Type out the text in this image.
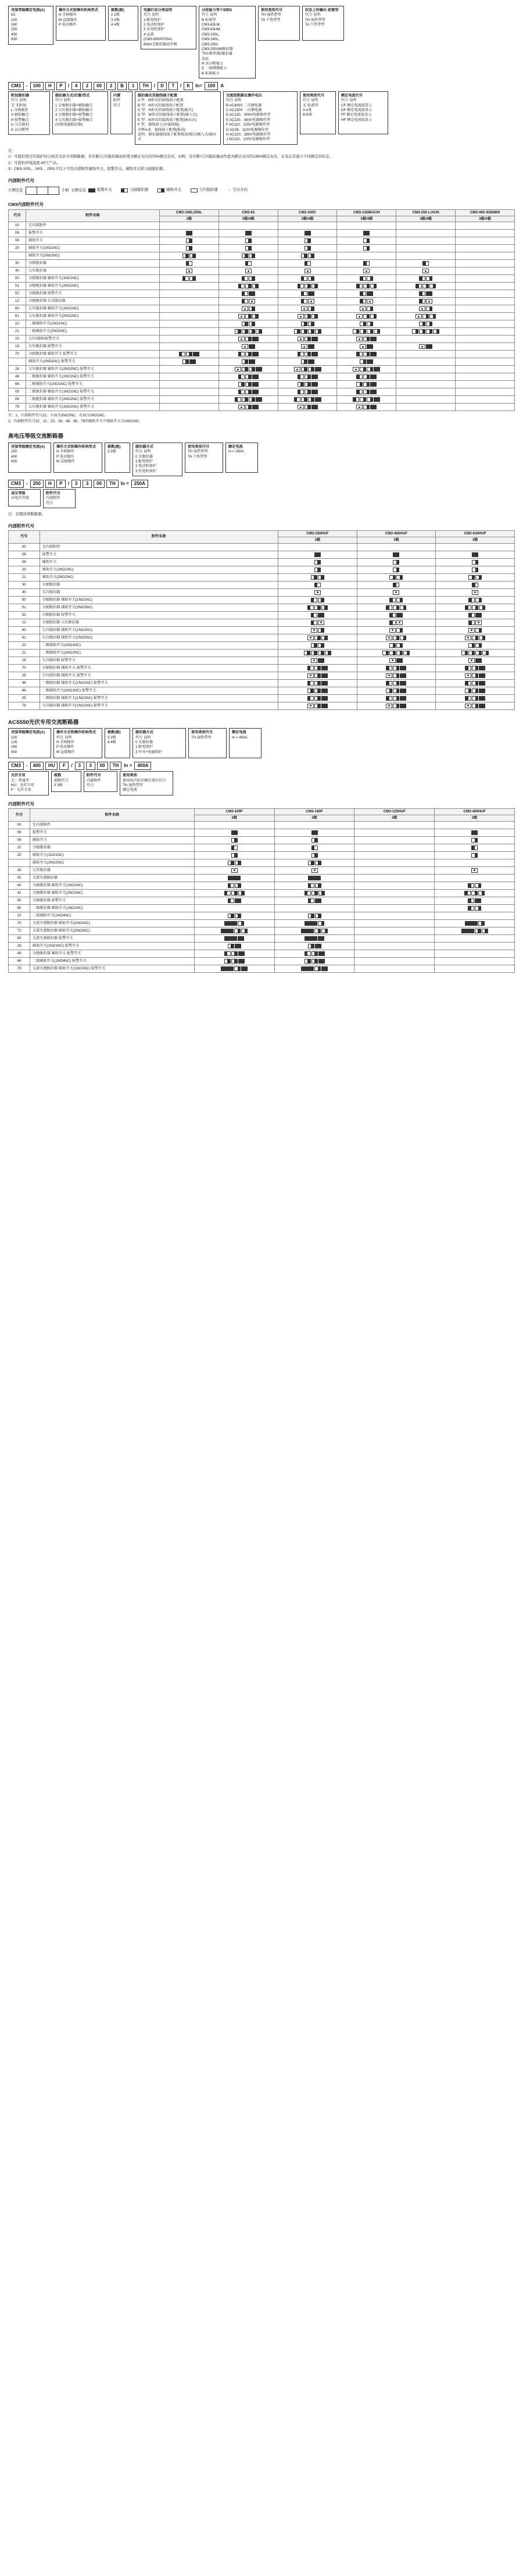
壳架等级额定电流(A)
63
100
160
250
400
630
操作方式和操作机构型式
H 手柄操作
M 直接操作
P 电动操作
极数(极)
2 2极
3 3极
4 4极
电器打法分类说明
代号 说明
1 配电保护
2 电动机保护
3 发电机保护
4 直流
(CM3-800/6700A)
800A无脱扣器或单极
分段能力等于B和D
代号 说明
B 标准型
CM3-63LM,
CM3-63UM,
CM3-100L,
CM3-160L,
CM3-250L
CM3-250UM脱扣器
等标准型/能/脱扣器
用法
H 高分断能力
D 二级增强能力
B 标准能力
使用类别代号
TH 湿热带型
TA 干热带型
状态上传输出 前置型
代号 说明
TH 湿热带型
TA 干热带型
CM3	-	100	H	P	/	4	2	00	2	B	1	TH	/	D	T	/	K	In=	100	A
附加脱扣器
代号 说明
无 无附加
L 分励脱扣
S 辅助触点
H 报警触点
U 欠压脱扣
K 高分断型
脱扣器方式/位置/型式
代号 说明
1 分励脱扣器+辅助触点
2 欠压脱扣器+辅助触点
3 分励脱扣器+报警触点
4 欠压脱扣器+报警触点
(仅限电磁脱扣器)
内置
附件
代号
脱扣器及其接线端子配置
A 型：M形式的接线端子配置
B 型：N形式的接线端子配置
C 型：N形式的接线端子配置(板后)
D 型：M形式的接线端子配置(插入式)
E 型：N形式的接线端子配置(抽出式)
F 型：接线端子(含接线板)
注释A-E：接线端子配置(板前)
说明：脱扣器接线端子配置板前/板后/插入式/抽出式
交流控制源及操作电压
代号 说明
B AC400V 二次侧电源
C AC230V 二次侧电源
D AC230、400V电源操作型
E AC220、380V电源操作型
F AC110、220V电源操作型
G AC48、110V电源操作型
H AC220、380V电源操作型
J DC110、220V电源操作型
使用类别代号
代号 说明
无 标准型
A A类
B B类
额定电流代号
代号 说明
CF 额定电流值显示
DF 额定电流值显示
FF 额定电流值显示
HF 额定电流值显示

注：

1）可提供带过压保护的分相式光伏专用断路器；米压断/欠压脱扣器动作值为额定电压的70%额定电压，10R，过压断/欠压脱扣器动作值为额定电压的135%额定电压，在有正常建立不同额定的状态。

2）可提供环境温度-40℃产品。

3）CM3-100L、160L、250L可以下可用内部附件辅助开关、报警开关、辅助开关和分励脱扣器。

内部附件代号
左侧安装	手柄 右侧安装	报警开关	分励脱扣器	辅助开关	欠压脱扣器	→ 引出方向
CM3内部附件代号
代号	附件名称	CM3-100L/250L	CM3-63	CM3-100C	CM3-125M/AUH	CM3-250 L/AUH	CM3-400 /630/800
		2极	3极/4极	3极/4极	3极/4极	3极/4极	3极/4极
00	无内部附件						
06	报警开关	

08	辅助开关	

20	辅助开关(1NO1NC)	

	辅助开关(2NO2NC)	

30	分励脱扣器	

40	欠压脱扣器	

50	分励脱扣器 辅助开关(1NO1NC)	

51	分励脱扣器 辅助开关(2NO2NC)		

52	分励脱扣器 报警开关		

12	分励脱扣器 欠压脱扣器		

60	欠压脱扣器 辅助开关(1NO1NC)		

61	欠压脱扣器 辅助开关(2NO2NC)		

22	二极辅助开关(1NO1NC)		

21	二极辅助开关(2NO2NC)		

23	欠压/辅助/报警开关		

18	欠压脱扣器 报警开关		

70	分励脱扣器 辅助开关 报警开关	

	辅助开关(1NO1NC) 报警开关	

28	欠压脱扣器 辅助开关(2NO2NC) 报警开关		

48	二极脱扣器 辅助开关(1NO1NC) 报警开关		

68	二极辅助开关(1NO1NC) 报警开关		

05	二极脱扣器 辅助开关(1NO1NC) 报警开关		

06	二极脱扣器 辅助开关(2NO2NC) 报警开关		

78	欠压脱扣器 辅助开关(1NO1NC) 报警开关		

注：1、内部附件代号22、左面为2NO2NC，右面为1NO1NC。
2、内部附件代号22、21、23、28、48、68、78的辅助开关中辅助开关为1NO1NC。
高电压等级交流断路器
壳架等级额定电流(A)
250
400
630
操作方式和操作机构型式
H 手柄操作
P 电动操作
M 直接操作
极数(极)
3 3极
脱扣器方式
代号 说明
0 无脱扣器
1 配电保护
2 电动机保护
3 发电机保护
使用类别代号
TH 湿热带型
TA 干热带型
额定电流
In = 250A
CM3	-	250	H	P	/	3	3	00	TH	In =	250A
高压等级
高电压等级
附件代号
内部附件
代号

注：仅整热带断路器。

内部附件代号
代号	附件名称	CM3-250HUF	CM3-400HUF	CM3-630HUF
		3极	3极	3极
00	无内部附件			
06	报警开关	

08	辅助开关	

20	辅助开关(1NO1NC)	

21	辅助开关(2NO2NC)	

30	分励脱扣器	

40	欠压脱扣器	

50	分励脱扣器 辅助开关(1NO1NC)	

51	分励脱扣器 辅助开关(2NO2NC)	

52	分励脱扣器 报警开关	

12	分励脱扣器 欠压脱扣器	

60	欠压脱扣器 辅助开关(1NO1NC)	

61	欠压脱扣器 辅助开关(2NO2NC)	

22	二极辅助开关(1NO1NC)	

21	二极辅助开关(2NO2NC)	

18	欠压脱扣器 报警开关	

70	分励脱扣器 辅助开关 报警开关	

28	欠压脱扣器 辅助开关 报警开关	

48	二极脱扣器 辅助开关(1NO1NC) 报警开关	

68	二极辅助开关(1NO1NC) 报警开关	

05	二极脱扣器 辅助开关(1NO1NC) 报警开关	

78	欠压脱扣器 辅助开关(1NO1NC) 报警开关	

ACS550光伏专用交流断路器
壳架等级额定电流(A)
100
125
160
400
操作方式和操作机构型式
代号 说明
H 手柄操作
P 电动操作
M 直接操作
极数(极)
3 3极
4 4极
脱扣器方式
代号 说明
0 无脱扣器
1 配电保护
3 外壳+电磁保护
使用类别代号
TH 湿热带型
额定电流
In = 400A
CM3	-	400	HU	F	/	3	3	00	TH	In =	400A
光伏专用
无：普通型
HU：光伏专用
F：光伏专用
极数
极数代号
3 3极
附件代号
内部附件
代号
使用类别
使用场合标识额定电压代号
TH 湿热带型
额定电流
内部附件代号
代号	附件名称	CM3-100F	CM3-160F	CM3-125HUF	CM3-400HUF
		3极	3极	3极	3极
00	无内部附件				
06	报警开关	

08	辅助开关	

10	分励脱扣器	

20	辅助开关(1NO1NC)	

	辅助开关(2NO2NC)	

30	欠压脱扣器	

02	交流互感脱扣器	

40	分励脱扣器 辅助开关(1NO1NC)	

42	分励脱扣器 辅助开关(2NO2NC)	

50	分励脱扣器 报警开关	

60	二级脱扣器 辅助开关(1NO1NC)				

22	二级辅助开关(1NO4NC)	

70	交流互感脱扣器 辅助开关(1NO1NC)	

72	交流互感脱扣器 辅助开关(2NO2NC)	

80	交流互感脱扣器 报警开关	

28	辅助开关(1NO1NC) 报警开关	

48	分励脱扣器 辅助开关 报警开关	

46	二级辅助开关(1NO4NC) 报警开关	

78	交流互感脱扣器 辅助开关(1NO1NC) 报警开关	
